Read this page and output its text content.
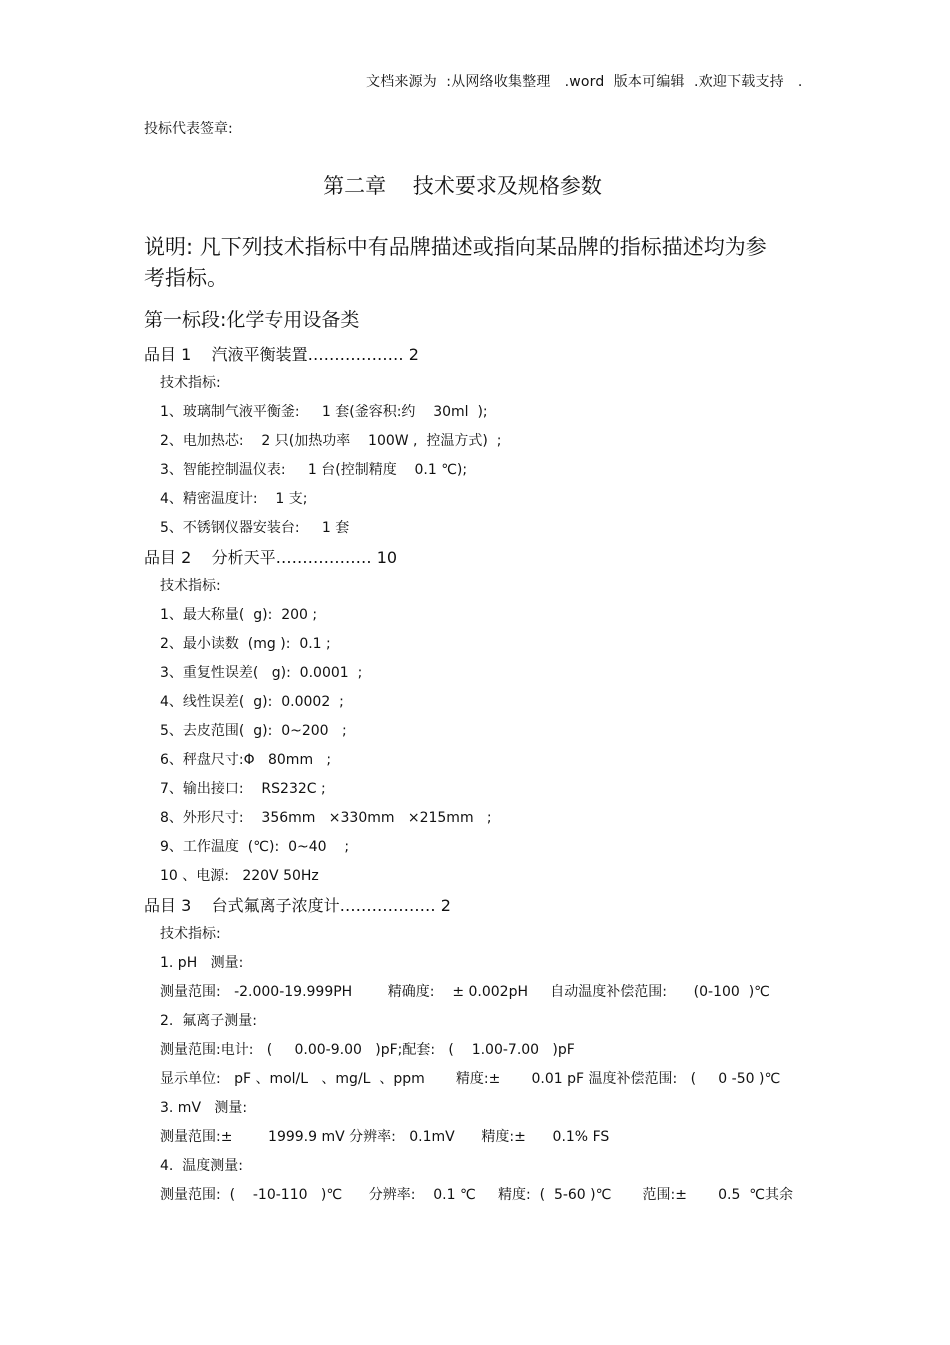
文档来源为  :从网络收集整理   .word  版本可编辑  .欢迎下载支持   .
投标代表签章:
第二章    技术要求及规格参数
说明: 凡下列技术指标中有品牌描述或指向某品牌的指标描述均为参考指标。
第一标段:化学专用设备类
品目 1    汽液平衡装置……………… 2
技术指标:
1、玻璃制气液平衡釜:     1 套(釜容积:约    30ml  );
2、电加热芯:    2 只(加热功率    100W ,  控温方式)  ;
3、智能控制温仪表:     1 台(控制精度    0.1 ℃);
4、精密温度计:    1 支;
5、不锈钢仪器安装台:     1 套
品目 2    分析天平……………… 10
技术指标:
1、最大称量(  g):  200 ;
2、最小读数  (mg ):  0.1 ;
3、重复性误差(   g):  0.0001  ;
4、线性误差(  g):  0.0002  ;
5、去皮范围(  g):  0~200   ;
6、秤盘尺寸:Φ   80mm   ;
7、输出接口:    RS232C ;
8、外形尺寸:    356mm   ×330mm   ×215mm   ;
9、工作温度  (℃):  0~40    ;
10 、电源:   220V 50Hz
品目 3    台式氟离子浓度计……………… 2
技术指标:
1. pH   测量:
测量范围:   -2.000-19.999PH        精确度:    ± 0.002pH     自动温度补偿范围:      (0-100  )℃
2.  氟离子测量:
测量范围:电计:   (     0.00-9.00   )pF;配套:   (    1.00-7.00   )pF
显示单位:   pF 、mol/L   、mg/L  、ppm       精度:±       0.01 pF 温度补偿范围:   (     0 -50 )℃
3. mV   测量:
测量范围:±        1999.9 mV 分辨率:   0.1mV      精度:±      0.1% FS
4.  温度测量:
测量范围:  (    -10-110   )℃      分辨率:    0.1 ℃     精度:  (  5-60 )℃       范围:±       0.5  ℃其余
